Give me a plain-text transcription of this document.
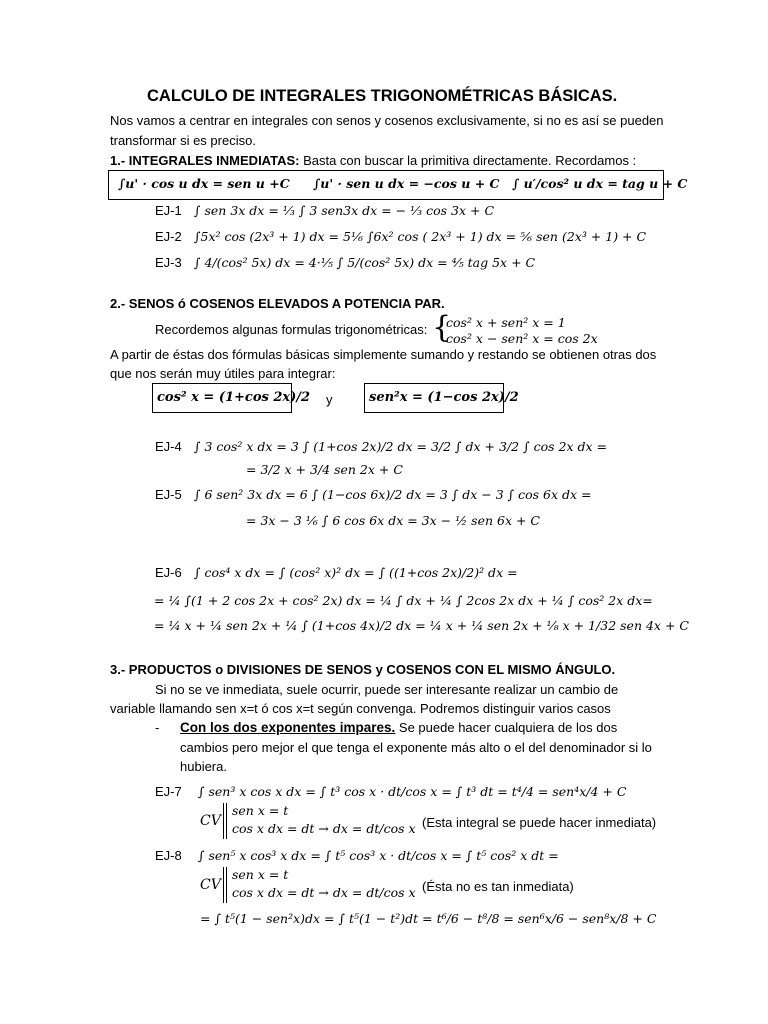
CALCULO DE INTEGRALES TRIGONOMÉTRICAS BÁSICAS.
Nos vamos a centrar en integrales con senos y cosenos exclusivamente, si no es así se pueden
transformar si es preciso.
1.- INTEGRALES INMEDIATAS: Basta con buscar la primitiva directamente. Recordamos :
∫u' · cos u dx = sen u +C ∫u' · sen u dx = −cos u + C ∫ u′/cos² u dx = tag u + C
EJ-1 ∫ sen 3x dx = ⅓ ∫ 3 sen3x dx = − ⅓ cos 3x + C
EJ-2 ∫5x² cos (2x³ + 1) dx = 5⅙ ∫6x² cos ( 2x³ + 1) dx = ⅚ sen (2x³ + 1) + C
EJ-3 ∫ 4/(cos² 5x) dx = 4·⅕ ∫ 5/(cos² 5x) dx = ⅘ tag 5x + C
2.- SENOS ó COSENOS ELEVADOS A POTENCIA PAR.
Recordemos algunas formulas trigonométricas: {
cos² x + sen² x = 1
cos² x − sen² x = cos 2x
A partir de éstas dos fórmulas básicas simplemente sumando y restando se obtienen otras dos
que nos serán muy útiles para integrar:
cos² x = (1+cos 2x)/2 y	sen²x = (1−cos 2x)/2
EJ-4 ∫ 3 cos² x dx = 3 ∫ (1+cos 2x)/2 dx = 3/2 ∫ dx + 3/2 ∫ cos 2x dx =
= 3/2 x + 3/4 sen 2x + C
EJ-5 ∫ 6 sen² 3x dx = 6 ∫ (1−cos 6x)/2 dx = 3 ∫ dx − 3 ∫ cos 6x dx =
= 3x − 3 ⅙ ∫ 6 cos 6x dx = 3x − ½ sen 6x + C
EJ-6 ∫ cos⁴ x dx = ∫ (cos² x)² dx = ∫ ((1+cos 2x)/2)² dx =
= ¼ ∫(1 + 2 cos 2x + cos² 2x) dx = ¼ ∫ dx + ¼ ∫ 2cos 2x dx + ¼ ∫ cos² 2x dx=
= ¼ x + ¼ sen 2x + ¼ ∫ (1+cos 4x)/2 dx = ¼ x + ¼ sen 2x + ⅛ x + 1/32 sen 4x + C
3.- PRODUCTOS o DIVISIONES DE SENOS y COSENOS CON EL MISMO ÁNGULO.
Si no se ve inmediata, suele ocurrir, puede ser interesante realizar un cambio de
variable llamando sen x=t ó cos x=t según convenga. Podremos distinguir varios casos
- Con los dos exponentes impares. Se puede hacer cualquiera de los dos
cambios pero mejor el que tenga el exponente más alto o el del denominador si lo
hubiera.
EJ-7 ∫ sen³ x cos x dx = ∫ t³ cos x · dt/cos x = ∫ t³ dt = t⁴/4 = sen⁴x/4 + C
CV
sen x = t
cos x dx = dt → dx = dt/cos x (Esta integral se puede hacer inmediata)
EJ-8 ∫ sen⁵ x cos³ x dx = ∫ t⁵ cos³ x · dt/cos x = ∫ t⁵ cos² x dt =
CV
sen x = t
cos x dx = dt → dx = dt/cos x (Ésta no es tan inmediata)
= ∫ t⁵(1 − sen²x)dx = ∫ t⁵(1 − t²)dt = t⁶/6 − t⁸/8 = sen⁶x/6 − sen⁸x/8 + C
